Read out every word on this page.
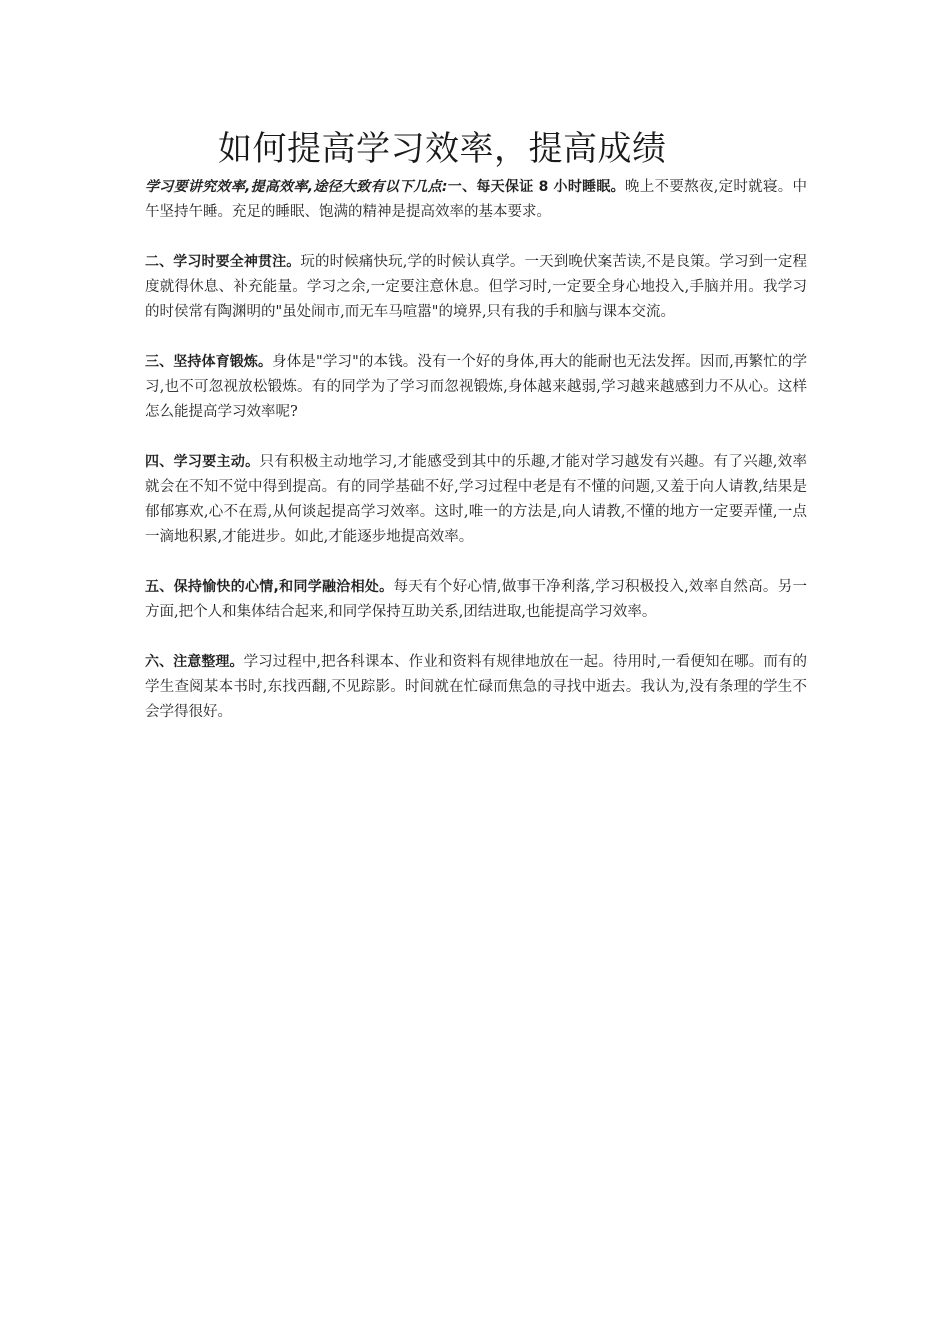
如何提高学习效率，提高成绩

学习要讲究效率,提高效率,途径大致有以下几点:一、每天保证 8 小时睡眠。晚上不要熬夜,定时就寝。中午坚持午睡。充足的睡眠、饱满的精神是提高效率的基本要求。

二、学习时要全神贯注。玩的时候痛快玩,学的时候认真学。一天到晚伏案苦读,不是良策。学习到一定程度就得休息、补充能量。学习之余,一定要注意休息。但学习时,一定要全身心地投入,手脑并用。我学习的时侯常有陶渊明的"虽处闹市,而无车马喧嚣"的境界,只有我的手和脑与课本交流。

三、坚持体育锻炼。身体是"学习"的本钱。没有一个好的身体,再大的能耐也无法发挥。因而,再繁忙的学习,也不可忽视放松锻炼。有的同学为了学习而忽视锻炼,身体越来越弱,学习越来越感到力不从心。这样怎么能提高学习效率呢?

四、学习要主动。只有积极主动地学习,才能感受到其中的乐趣,才能对学习越发有兴趣。有了兴趣,效率就会在不知不觉中得到提高。有的同学基础不好,学习过程中老是有不懂的问题,又羞于向人请教,结果是郁郁寡欢,心不在焉,从何谈起提高学习效率。这时,唯一的方法是,向人请教,不懂的地方一定要弄懂,一点一滴地积累,才能进步。如此,才能逐步地提高效率。

五、保持愉快的心情,和同学融洽相处。每天有个好心情,做事干净利落,学习积极投入,效率自然高。另一方面,把个人和集体结合起来,和同学保持互助关系,团结进取,也能提高学习效率。

六、注意整理。学习过程中,把各科课本、作业和资料有规律地放在一起。待用时,一看便知在哪。而有的学生查阅某本书时,东找西翻,不见踪影。时间就在忙碌而焦急的寻找中逝去。我认为,没有条理的学生不会学得很好。
